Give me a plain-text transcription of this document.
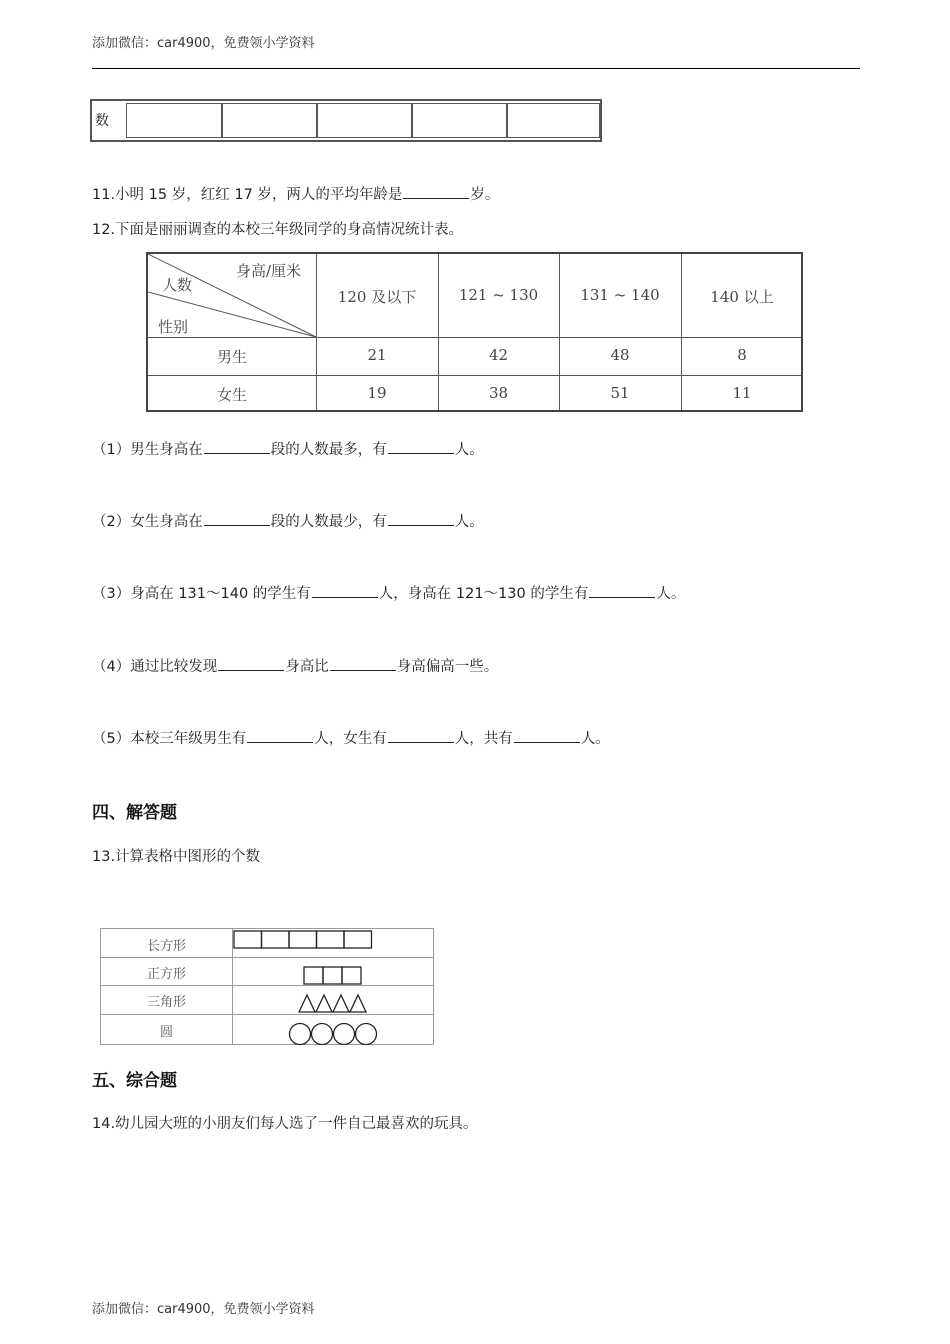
添加微信：car4900，免费领小学资料
数
11.小明 15 岁，红红 17 岁，两人的平均年龄是	岁。
12.下面是丽丽调查的本校三年级同学的身高情况统计表。
身高/厘米
人数
性别
120 及以下	121 ~ 130	131 ~ 140	140 以上
男生	21	42	48	8
女生	19	38	51	11
（1）男生身高在	段的人数最多，有	人。
（2）女生身高在	段的人数最少，有	人。
（3）身高在 131～140 的学生有	人，身高在 121～130 的学生有	人。
（4）通过比较发现	身高比	身高偏高一些。
（5）本校三年级男生有	人，女生有	人，共有	人。
四、解答题
13.计算表格中图形的个数
长方形
正方形
三角形
圆
五、综合题
14.幼儿园大班的小朋友们每人选了一件自己最喜欢的玩具。
添加微信：car4900，免费领小学资料
